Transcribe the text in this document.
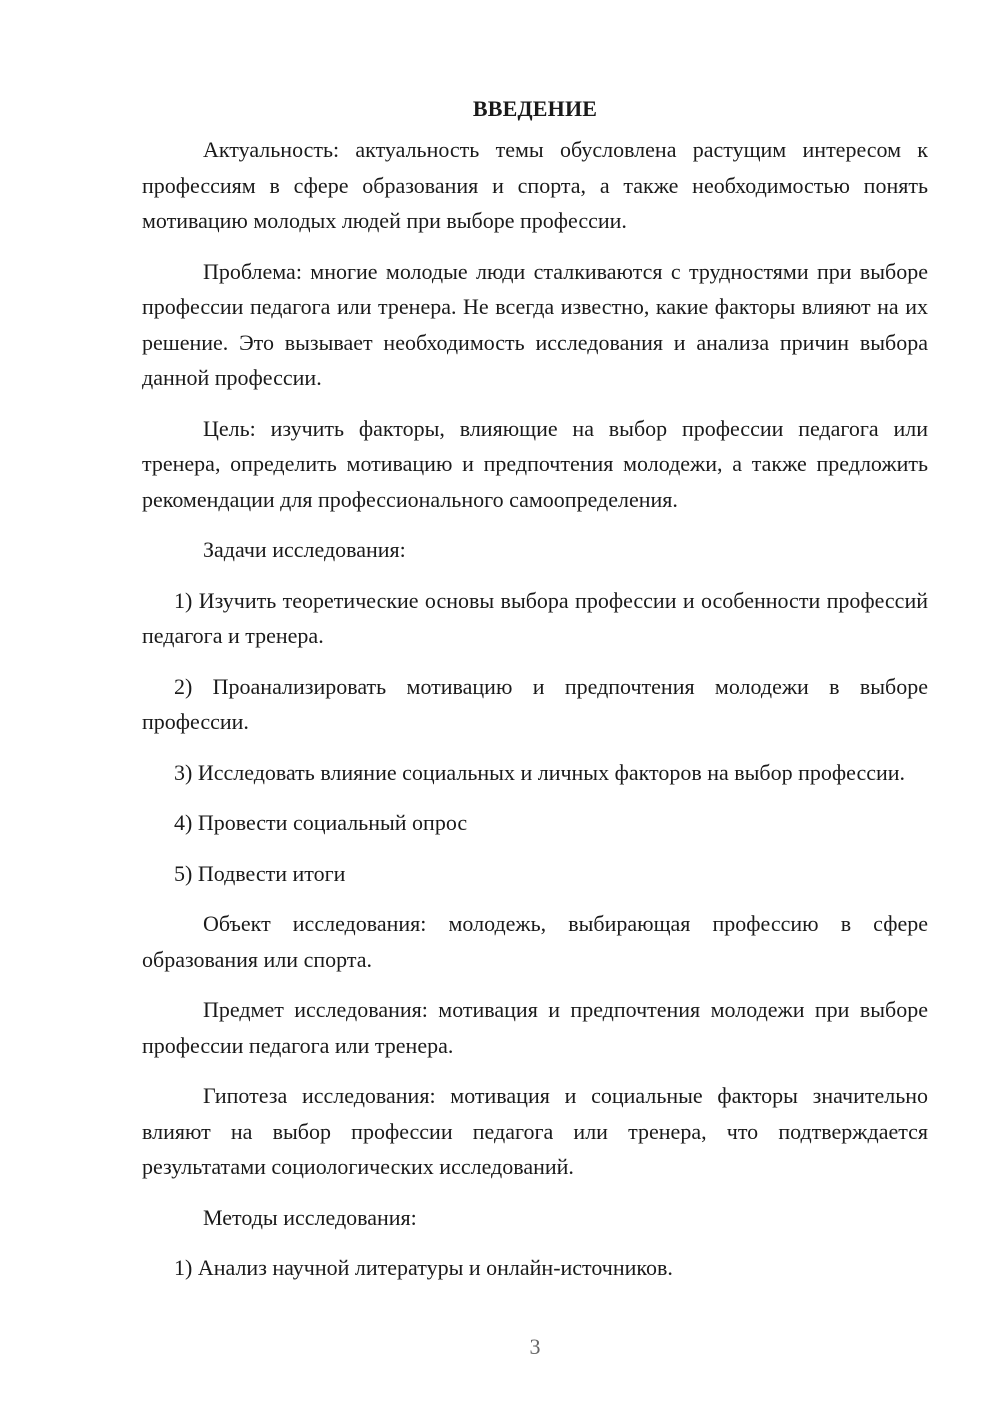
ВВЕДЕНИЕ

Актуальность: актуальность темы обусловлена растущим интересом к профессиям в сфере образования и спорта, а также необходимостью понять мотивацию молодых людей при выборе профессии.

Проблема: многие молодые люди сталкиваются с трудностями при выборе профессии педагога или тренера. Не всегда известно, какие факторы влияют на их решение. Это вызывает необходимость исследования и анализа причин выбора данной профессии.

Цель: изучить факторы, влияющие на выбор профессии педагога или тренера, определить мотивацию и предпочтения молодежи, а также предложить рекомендации для профессионального самоопределения.

Задачи исследования:

1) Изучить теоретические основы выбора профессии и особенности профессий педагога и тренера.

2) Проанализировать мотивацию и предпочтения молодежи в выборе профессии.

3) Исследовать влияние социальных и личных факторов на выбор профессии.

4) Провести социальный опрос

5) Подвести итоги

Объект исследования: молодежь, выбирающая профессию в сфере образования или спорта.

Предмет исследования: мотивация и предпочтения молодежи при выборе профессии педагога или тренера.

Гипотеза исследования: мотивация и социальные факторы значительно влияют на выбор профессии педагога или тренера, что подтверждается результатами социологических исследований.

Методы исследования:

1) Анализ научной литературы и онлайн-источников.

3
